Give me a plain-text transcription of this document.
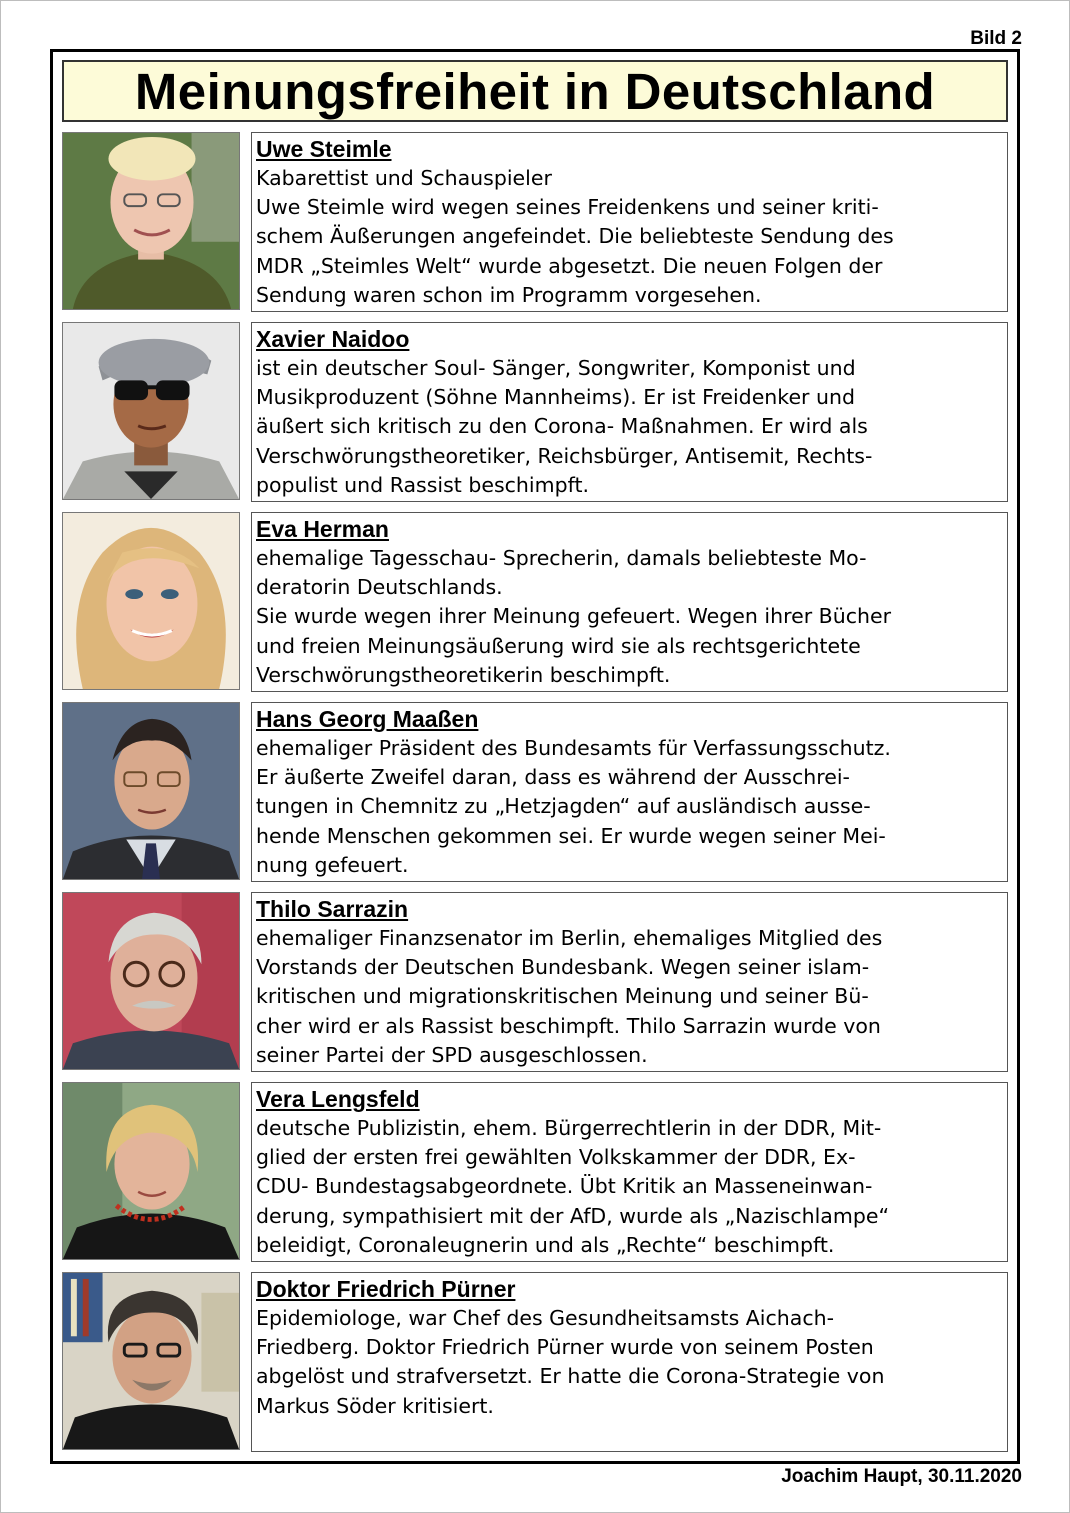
Bild 2
Meinungsfreiheit in Deutschland
Uwe Steimle
Kabarettist und Schauspieler
Uwe Steimle wird wegen seines Freidenkens und seiner kriti-
schem Äußerungen angefeindet. Die beliebteste Sendung des
MDR „Steimles Welt“ wurde abgesetzt. Die neuen Folgen der
Sendung waren schon im Programm vorgesehen.
Xavier Naidoo
ist ein deutscher Soul- Sänger, Songwriter, Komponist und
Musikproduzent (Söhne Mannheims). Er ist Freidenker und
äußert sich kritisch zu den Corona- Maßnahmen. Er wird als
Verschwörungstheoretiker, Reichsbürger, Antisemit, Rechts-
populist und Rassist beschimpft.
Eva Herman
ehemalige Tagesschau- Sprecherin, damals beliebteste Mo-
deratorin Deutschlands.
Sie wurde wegen ihrer Meinung gefeuert. Wegen ihrer Bücher
und freien Meinungsäußerung wird sie als rechtsgerichtete
Verschwörungstheoretikerin beschimpft.
Hans Georg Maaßen
ehemaliger Präsident des Bundesamts für Verfassungsschutz.
Er äußerte Zweifel daran, dass es während der Ausschrei-
tungen in Chemnitz zu „Hetzjagden“ auf ausländisch ausse-
hende Menschen gekommen sei. Er wurde wegen seiner Mei-
nung gefeuert.
Thilo Sarrazin
ehemaliger Finanzsenator im Berlin, ehemaliges Mitglied des
Vorstands der Deutschen Bundesbank. Wegen seiner islam-
kritischen und migrationskritischen Meinung und seiner Bü-
cher wird er als Rassist beschimpft. Thilo Sarrazin wurde von
seiner Partei der SPD ausgeschlossen.
Vera Lengsfeld
deutsche Publizistin, ehem. Bürgerrechtlerin in der DDR, Mit-
glied der ersten frei gewählten Volkskammer der DDR, Ex-
CDU- Bundestagsabgeordnete. Übt Kritik an Masseneinwan-
derung, sympathisiert mit der AfD, wurde als „Nazischlampe“
beleidigt, Coronaleugnerin und als „Rechte“ beschimpft.
Doktor Friedrich Pürner
Epidemiologe, war Chef des Gesundheitsamsts Aichach-
Friedberg. Doktor Friedrich Pürner wurde von seinem Posten
abgelöst und strafversetzt. Er hatte die Corona-Strategie von
Markus Söder kritisiert.
Joachim Haupt, 30.11.2020
